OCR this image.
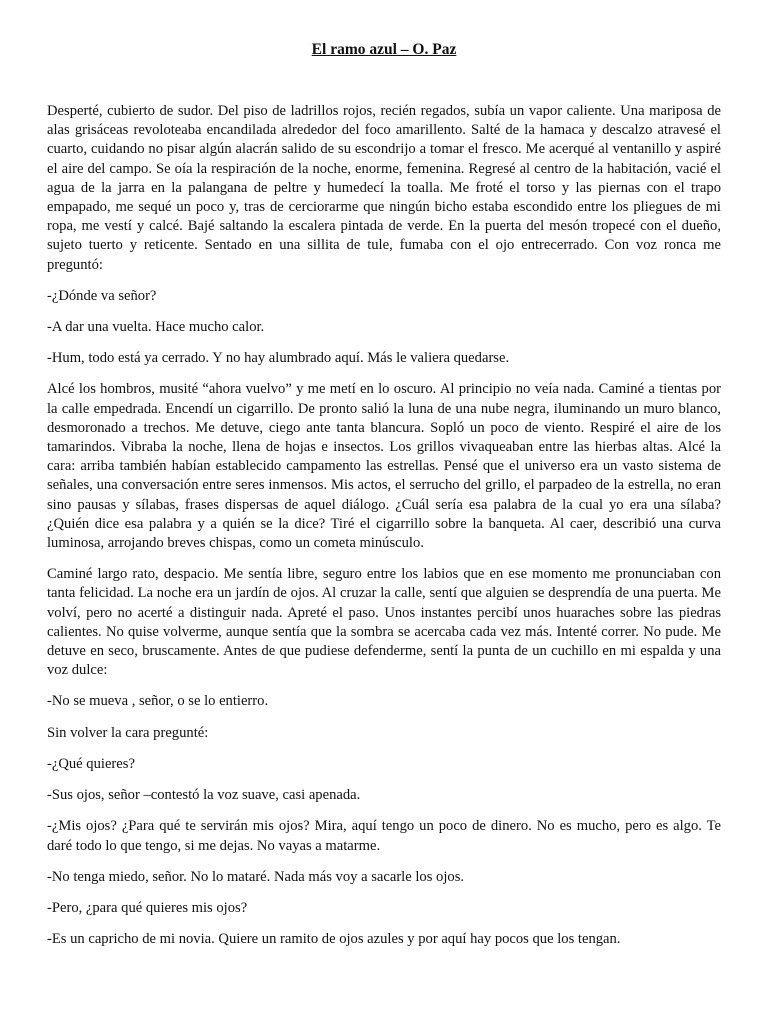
El ramo azul – O. Paz

Desperté, cubierto de sudor. Del piso de ladrillos rojos, recién regados, subía un vapor caliente. Una mariposa de alas grisáceas revoloteaba encandilada alrededor del foco amarillento. Salté de la hamaca y descalzo atravesé el cuarto, cuidando no pisar algún alacrán salido de su escondrijo a tomar el fresco. Me acerqué al ventanillo y aspiré el aire del campo. Se oía la respiración de la noche, enorme, femenina. Regresé al centro de la habitación, vacié el agua de la jarra en la palangana de peltre y humedecí la toalla. Me froté el torso y las piernas con el trapo empapado, me sequé un poco y, tras de cerciorarme que ningún bicho estaba escondido entre los pliegues de mi ropa, me vestí y calcé. Bajé saltando la escalera pintada de verde. En la puerta del mesón tropecé con el dueño, sujeto tuerto y reticente. Sentado en una sillita de tule, fumaba con el ojo entrecerrado. Con voz ronca me preguntó:

-¿Dónde va señor?

-A dar una vuelta. Hace mucho calor.

-Hum, todo está ya cerrado. Y no hay alumbrado aquí. Más le valiera quedarse.

Alcé los hombros, musité “ahora vuelvo” y me metí en lo oscuro. Al principio no veía nada. Caminé a tientas por la calle empedrada. Encendí un cigarrillo. De pronto salió la luna de una nube negra, iluminando un muro blanco, desmoronado a trechos. Me detuve, ciego ante tanta blancura. Sopló un poco de viento. Respiré el aire de los tamarindos. Vibraba la noche, llena de hojas e insectos. Los grillos vivaqueaban entre las hierbas altas. Alcé la cara: arriba también habían establecido campamento las estrellas. Pensé que el universo era un vasto sistema de señales, una conversación entre seres inmensos. Mis actos, el serrucho del grillo, el parpadeo de la estrella, no eran sino pausas y sílabas, frases dispersas de aquel diálogo. ¿Cuál sería esa palabra de la cual yo era una sílaba? ¿Quién dice esa palabra y a quién se la dice? Tiré el cigarrillo sobre la banqueta. Al caer, describió una curva luminosa, arrojando breves chispas, como un cometa minúsculo.

Caminé largo rato, despacio. Me sentía libre, seguro entre los labios que en ese momento me pronunciaban con tanta felicidad. La noche era un jardín de ojos. Al cruzar la calle, sentí que alguien se desprendía de una puerta. Me volví, pero no acerté a distinguir nada. Apreté el paso. Unos instantes percibí unos huaraches sobre las piedras calientes. No quise volverme, aunque sentía que la sombra se acercaba cada vez más. Intenté correr. No pude. Me detuve en seco, bruscamente. Antes de que pudiese defenderme, sentí la punta de un cuchillo en mi espalda y una voz dulce:

-No se mueva , señor, o se lo entierro.

Sin volver la cara pregunté:

-¿Qué quieres?

-Sus ojos, señor –contestó la voz suave, casi apenada.

-¿Mis ojos? ¿Para qué te servirán mis ojos? Mira, aquí tengo un poco de dinero. No es mucho, pero es algo. Te daré todo lo que tengo, si me dejas. No vayas a matarme.

-No tenga miedo, señor. No lo mataré. Nada más voy a sacarle los ojos.

-Pero, ¿para qué quieres mis ojos?

-Es un capricho de mi novia. Quiere un ramito de ojos azules y por aquí hay pocos que los tengan.
